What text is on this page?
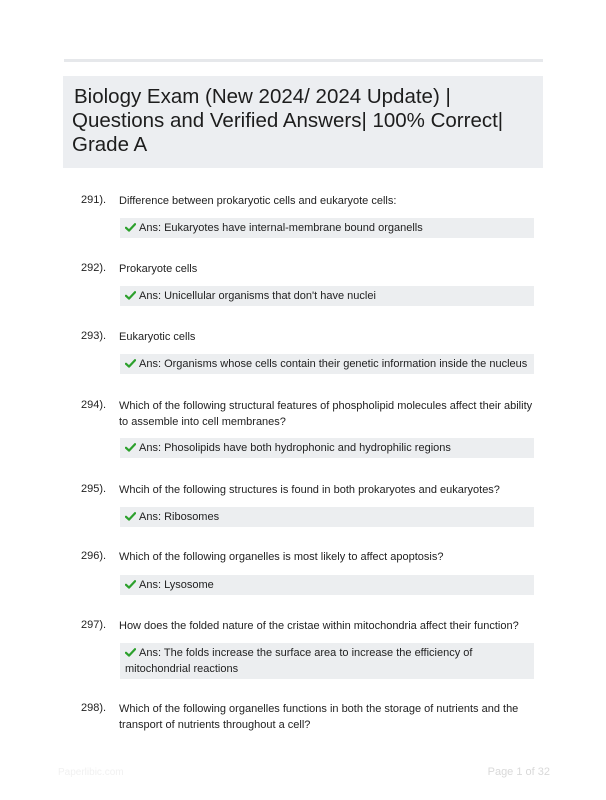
Biology Exam (New 2024/ 2024 Update) |
Questions and Verified Answers| 100% Correct|
Grade A
291). Difference between prokaryotic cells and eukaryote cells:
Ans: Eukaryotes have internal-membrane bound organells
292). Prokaryote cells
Ans: Unicellular organisms that don't have nuclei
293). Eukaryotic cells
Ans: Organisms whose cells contain their genetic information inside the nucleus
294). Which of the following structural features of phospholipid molecules affect their ability to assemble into cell membranes?
Ans: Phosolipids have both hydrophonic and hydrophilic regions
295). Whcih of the following structures is found in both prokaryotes and eukaryotes?
Ans: Ribosomes
296). Which of the following organelles is most likely to affect apoptosis?
Ans: Lysosome
297). How does the folded nature of the cristae within mitochondria affect their function?
Ans: The folds increase the surface area to increase the efficiency of mitochondrial reactions
298). Which of the following organelles functions in both the storage of nutrients and the transport of nutrients throughout a cell?
Paperlibic.com	Page 1 of 32
